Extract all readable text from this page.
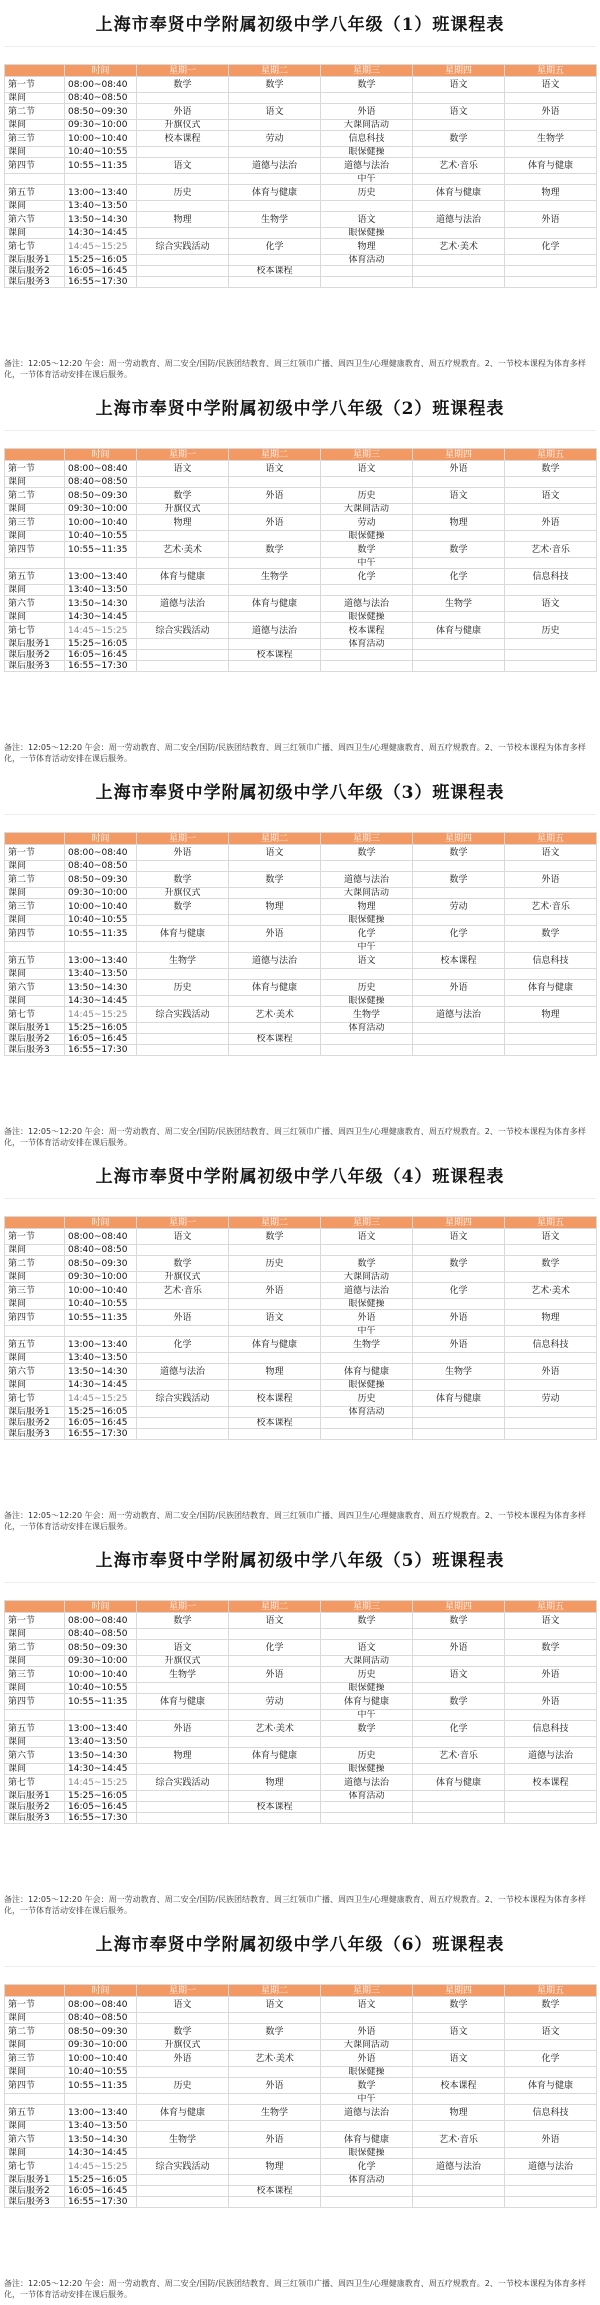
上海市奉贤中学附属初级中学八年级（1）班课程表
	时间	星期一	星期二	星期三	星期四	星期五
第一节	08:00~08:40	数学	数学	数学	语文	语文
课间	08:40~08:50					
第二节	08:50~09:30	外语	语文	外语	语文	外语
课间	09:30~10:00	升旗仪式		大课间活动		
第三节	10:00~10:40	校本课程	劳动	信息科技	数学	生物学
课间	10:40~10:55			眼保健操		
第四节	10:55~11:35	语文	道德与法治	道德与法治	艺术·音乐	体育与健康
				中午		
第五节	13:00~13:40	历史	体育与健康	历史	体育与健康	物理
课间	13:40~13:50					
第六节	13:50~14:30	物理	生物学	语文	道德与法治	外语
课间	14:30~14:45			眼保健操		
第七节	14:45~15:25	综合实践活动	化学	物理	艺术·美术	化学
课后服务1	15:25~16:05			体育活动		
课后服务2	16:05~16:45		校本课程			
课后服务3	16:55~17:30					
备注：12:05～12:20 午会：周一劳动教育、周二安全/国防/民族团结教育、周三红领巾广播、周四卫生/心理健康教育、周五疗规教育。2、一节校本课程为体育多样化，一节体育活动安排在课后服务。
上海市奉贤中学附属初级中学八年级（2）班课程表
	时间	星期一	星期二	星期三	星期四	星期五
第一节	08:00~08:40	语文	语文	语文	外语	数学
课间	08:40~08:50					
第二节	08:50~09:30	数学	外语	历史	语文	语文
课间	09:30~10:00	升旗仪式		大课间活动		
第三节	10:00~10:40	物理	外语	劳动	物理	外语
课间	10:40~10:55			眼保健操		
第四节	10:55~11:35	艺术·美术	数学	数学	数学	艺术·音乐
				中午		
第五节	13:00~13:40	体育与健康	生物学	化学	化学	信息科技
课间	13:40~13:50					
第六节	13:50~14:30	道德与法治	体育与健康	道德与法治	生物学	语文
课间	14:30~14:45			眼保健操		
第七节	14:45~15:25	综合实践活动	道德与法治	校本课程	体育与健康	历史
课后服务1	15:25~16:05			体育活动		
课后服务2	16:05~16:45		校本课程			
课后服务3	16:55~17:30					
备注：12:05～12:20 午会：周一劳动教育、周二安全/国防/民族团结教育、周三红领巾广播、周四卫生/心理健康教育、周五疗规教育。2、一节校本课程为体育多样化，一节体育活动安排在课后服务。
上海市奉贤中学附属初级中学八年级（3）班课程表
	时间	星期一	星期二	星期三	星期四	星期五
第一节	08:00~08:40	外语	语文	数学	数学	语文
课间	08:40~08:50					
第二节	08:50~09:30	数学	数学	道德与法治	数学	外语
课间	09:30~10:00	升旗仪式		大课间活动		
第三节	10:00~10:40	数学	物理	物理	劳动	艺术·音乐
课间	10:40~10:55			眼保健操		
第四节	10:55~11:35	体育与健康	外语	化学	化学	数学
				中午		
第五节	13:00~13:40	生物学	道德与法治	语文	校本课程	信息科技
课间	13:40~13:50					
第六节	13:50~14:30	历史	体育与健康	历史	外语	体育与健康
课间	14:30~14:45			眼保健操		
第七节	14:45~15:25	综合实践活动	艺术·美术	生物学	道德与法治	物理
课后服务1	15:25~16:05			体育活动		
课后服务2	16:05~16:45		校本课程			
课后服务3	16:55~17:30					
备注：12:05～12:20 午会：周一劳动教育、周二安全/国防/民族团结教育、周三红领巾广播、周四卫生/心理健康教育、周五疗规教育。2、一节校本课程为体育多样化，一节体育活动安排在课后服务。
上海市奉贤中学附属初级中学八年级（4）班课程表
	时间	星期一	星期二	星期三	星期四	星期五
第一节	08:00~08:40	语文	数学	语文	语文	语文
课间	08:40~08:50					
第二节	08:50~09:30	数学	历史	数学	数学	数学
课间	09:30~10:00	升旗仪式		大课间活动		
第三节	10:00~10:40	艺术·音乐	外语	道德与法治	化学	艺术·美术
课间	10:40~10:55			眼保健操		
第四节	10:55~11:35	外语	语文	外语	外语	物理
				中午		
第五节	13:00~13:40	化学	体育与健康	生物学	外语	信息科技
课间	13:40~13:50					
第六节	13:50~14:30	道德与法治	物理	体育与健康	生物学	外语
课间	14:30~14:45			眼保健操		
第七节	14:45~15:25	综合实践活动	校本课程	历史	体育与健康	劳动
课后服务1	15:25~16:05			体育活动		
课后服务2	16:05~16:45		校本课程			
课后服务3	16:55~17:30					
备注：12:05～12:20 午会：周一劳动教育、周二安全/国防/民族团结教育、周三红领巾广播、周四卫生/心理健康教育、周五疗规教育。2、一节校本课程为体育多样化，一节体育活动安排在课后服务。
上海市奉贤中学附属初级中学八年级（5）班课程表
	时间	星期一	星期二	星期三	星期四	星期五
第一节	08:00~08:40	数学	语文	数学	数学	语文
课间	08:40~08:50					
第二节	08:50~09:30	语文	化学	语文	外语	数学
课间	09:30~10:00	升旗仪式		大课间活动		
第三节	10:00~10:40	生物学	外语	历史	语文	外语
课间	10:40~10:55			眼保健操		
第四节	10:55~11:35	体育与健康	劳动	体育与健康	数学	外语
				中午		
第五节	13:00~13:40	外语	艺术·美术	数学	化学	信息科技
课间	13:40~13:50					
第六节	13:50~14:30	物理	体育与健康	历史	艺术·音乐	道德与法治
课间	14:30~14:45			眼保健操		
第七节	14:45~15:25	综合实践活动	物理	道德与法治	体育与健康	校本课程
课后服务1	15:25~16:05			体育活动		
课后服务2	16:05~16:45		校本课程			
课后服务3	16:55~17:30					
备注：12:05～12:20 午会：周一劳动教育、周二安全/国防/民族团结教育、周三红领巾广播、周四卫生/心理健康教育、周五疗规教育。2、一节校本课程为体育多样化，一节体育活动安排在课后服务。
上海市奉贤中学附属初级中学八年级（6）班课程表
	时间	星期一	星期二	星期三	星期四	星期五
第一节	08:00~08:40	语文	语文	语文	数学	数学
课间	08:40~08:50					
第二节	08:50~09:30	数学	数学	外语	语文	语文
课间	09:30~10:00	升旗仪式		大课间活动		
第三节	10:00~10:40	外语	艺术·美术	外语	语文	化学
课间	10:40~10:55			眼保健操		
第四节	10:55~11:35	历史	外语	数学	校本课程	体育与健康
				中午		
第五节	13:00~13:40	体育与健康	生物学	道德与法治	物理	信息科技
课间	13:40~13:50					
第六节	13:50~14:30	生物学	外语	体育与健康	艺术·音乐	外语
课间	14:30~14:45			眼保健操		
第七节	14:45~15:25	综合实践活动	物理	化学	道德与法治	道德与法治
课后服务1	15:25~16:05			体育活动		
课后服务2	16:05~16:45		校本课程			
课后服务3	16:55~17:30					
备注：12:05～12:20 午会：周一劳动教育、周二安全/国防/民族团结教育、周三红领巾广播、周四卫生/心理健康教育、周五疗规教育。2、一节校本课程为体育多样化，一节体育活动安排在课后服务。
